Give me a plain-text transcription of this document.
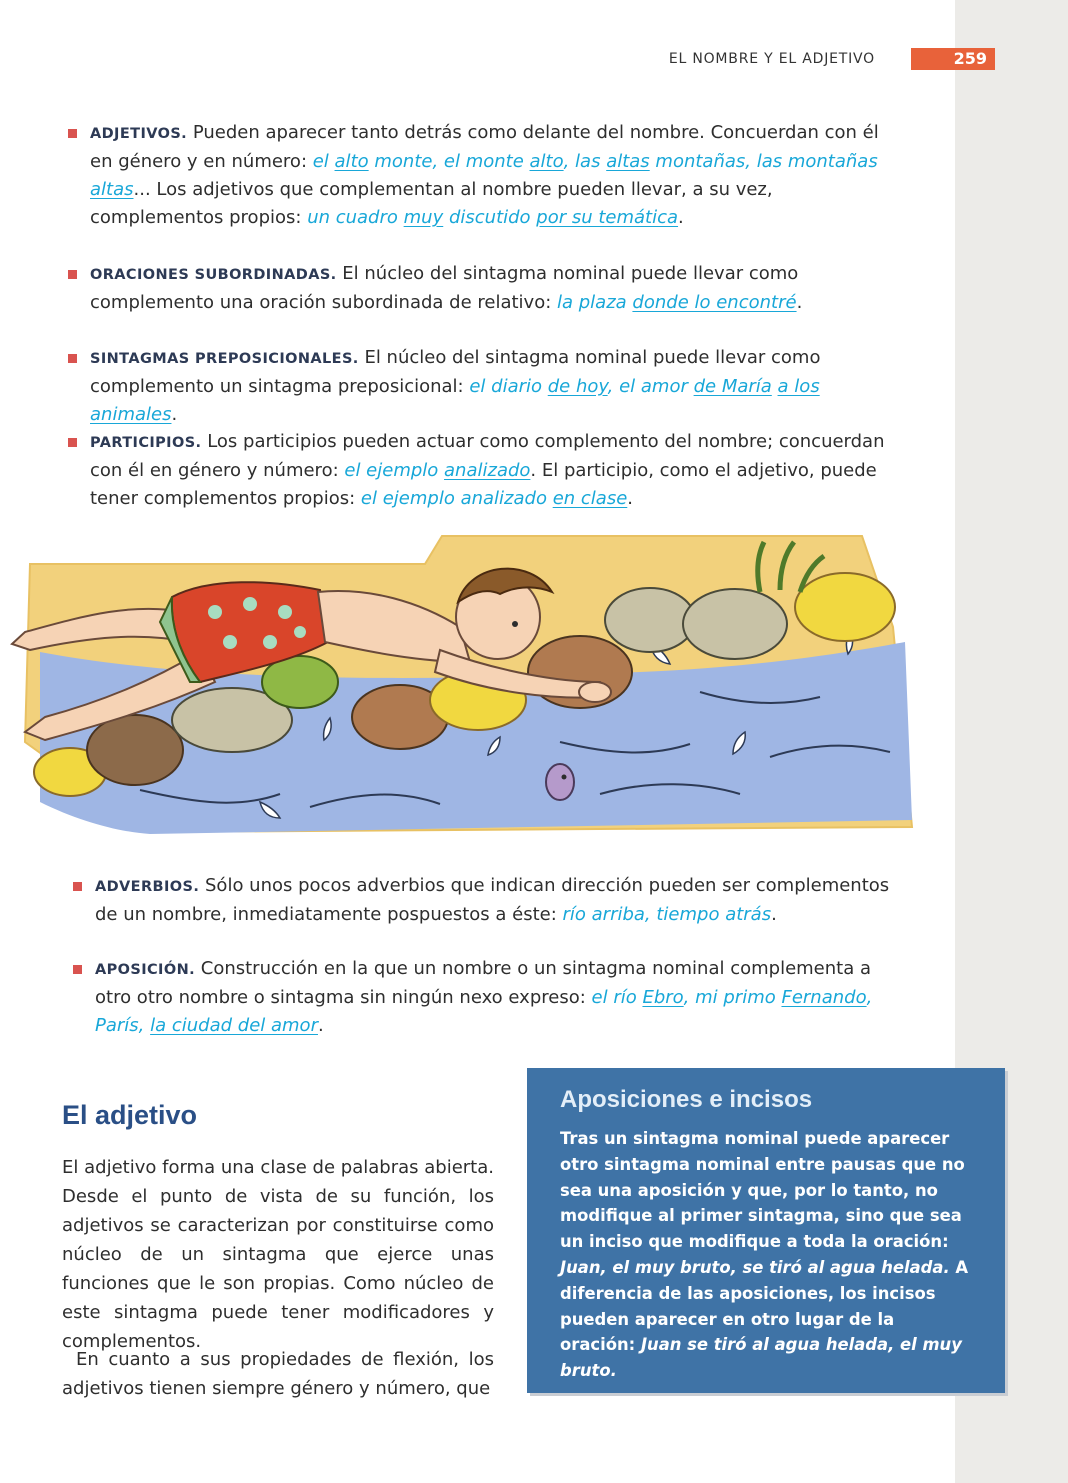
EL NOMBRE Y EL ADJETIVO	259
ADJETIVOS. Pueden aparecer tanto detrás como delante del nombre. Concuerdan con él en género y en número: el alto monte, el monte alto, las altas montañas, las montañas altas... Los adjetivos que complementan al nombre pueden llevar, a su vez, complementos propios: un cuadro muy discutido por su temática.
ORACIONES SUBORDINADAS. El núcleo del sintagma nominal puede llevar como complemento una oración subordinada de relativo: la plaza donde lo encontré.
SINTAGMAS PREPOSICIONALES. El núcleo del sintagma nominal puede llevar como complemento un sintagma preposicional: el diario de hoy, el amor de María a los animales.
PARTICIPIOS. Los participios pueden actuar como complemento del nombre; concuerdan con él en género y número: el ejemplo analizado. El participio, como el adjetivo, puede tener complementos propios: el ejemplo analizado en clase.
ADVERBIOS. Sólo unos pocos adverbios que indican dirección pueden ser complementos de un nombre, inmediatamente pospuestos a éste: río arriba, tiempo atrás.
APOSICIÓN. Construcción en la que un nombre o un sintagma nominal complementa a otro otro nombre o sintagma sin ningún nexo expreso: el río Ebro, mi primo Fernando, París, la ciudad del amor.
El adjetivo
El adjetivo forma una clase de palabras abierta. Desde el punto de vista de su función, los adjetivos se caracterizan por constituirse como núcleo de un sintagma que ejerce unas funciones que le son propias. Como núcleo de este sintagma puede tener modificadores y complementos.
En cuanto a sus propiedades de flexión, los adjetivos tienen siempre género y número, que
Aposiciones e incisos

Tras un sintagma nominal puede aparecer otro sintagma nominal entre pausas que no sea una aposición y que, por lo tanto, no modifique al primer sintagma, sino que sea un inciso que modifique a toda la oración: Juan, el muy bruto, se tiró al agua helada. A diferencia de las aposiciones, los incisos pueden aparecer en otro lugar de la oración: Juan se tiró al agua helada, el muy bruto.
